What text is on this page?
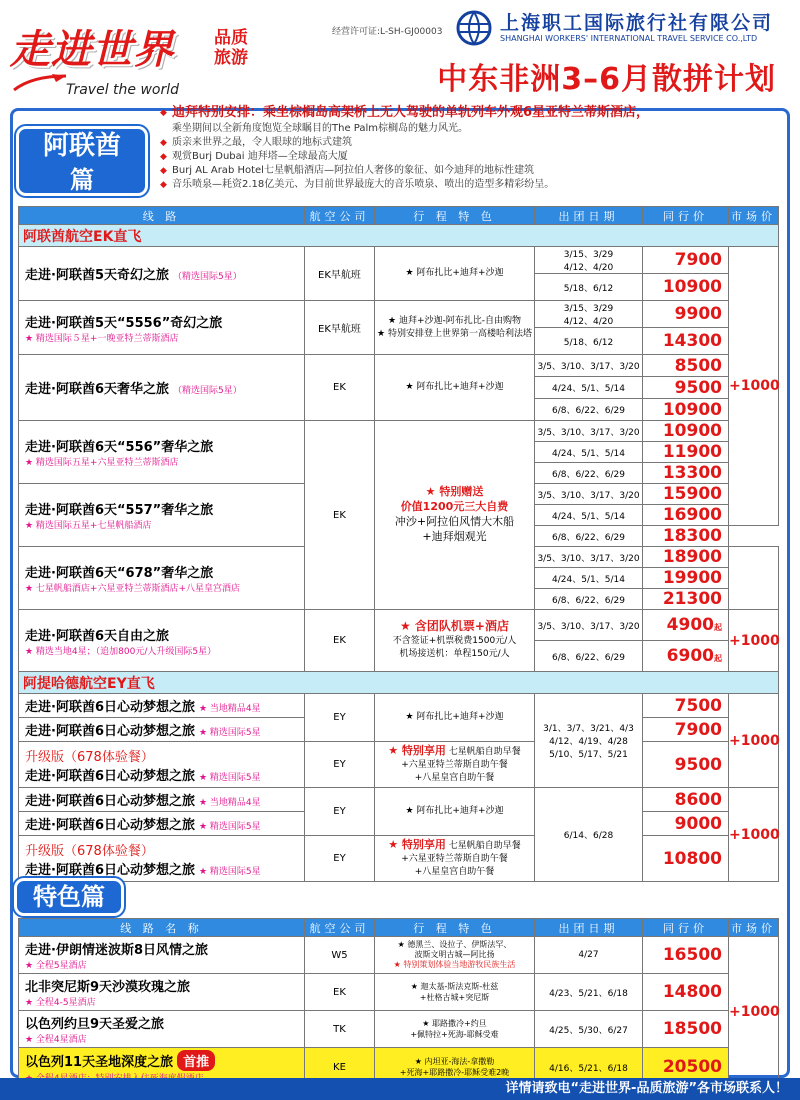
走进世界 品质旅游
Travel the world
经营许可证:L-SH-GJ00003	上海职工国际旅行社有限公司
SHANGHAI WORKERS' INTERNATIONAL TRAVEL SERVICE CO.,LTD
中东非洲3–6月散拼计划
◆ 迪拜特别安排：乘坐棕榈岛高架桥上无人驾驶的单轨列车外观6星亚特兰蒂斯酒店，
乘坐期间以全新角度饱览全球瞩目的The Palm棕榈岛的魅力风光。
◆ 质亲来世界之最，令人眼球的地标式建筑
◆ 观赏Burj Dubai 迪拜塔—全球最高大厦
◆ Burj AL Arab Hotel七星帆船酒店—阿拉伯人奢侈的象征、如今迪拜的地标性建筑
◆ 音乐喷泉—耗资2.18亿美元、为目前世界最庞大的音乐喷泉、喷出的造型多精彩纷呈。
阿联酋
篇
线 路	航空公司	行 程 特 色	出团日期	同行价	市场价
阿联酋航空EK直飞					
走进·阿联酋5天奇幻之旅 （精选国际5星）	EK早航班	★ 阿布扎比+迪拜+沙迦	3/15、3/29
4/12、4/20	7900	+1000
			5/18、6/12	10900	

走进·阿联酋5天“5556”奇幻之旅
★ 精选国际５星+一晚亚特兰蒂斯酒店	EK早航班	★ 迪拜+沙迦-阿布扎比-自由购物
★ 特别安排登上世界第一高楼哈利法塔	3/15、3/29
4/12、4/20	9900	
			5/18、6/12	14300	
走进·阿联酋6天奢华之旅 （精选国际5星）	EK	★ 阿布扎比+迪拜+沙迦	3/5、3/10、3/17、3/20	8500	
			4/24、5/1、5/14	9500	
			6/8、6/22、6/29	10900	

走进·阿联酋6天“556”奢华之旅
★ 精选国际五星+六星亚特兰蒂斯酒店	EK	★ 特别赠送
价值1200元三大自费
冲沙+阿拉伯风情大木船
+迪拜烟观光	3/5、3/10、3/17、3/20	10900	
			4/24、5/1、5/14	11900	
			6/8、6/22、6/29	13300	

走进·阿联酋6天“557”奢华之旅
★ 精选国际五星+七星帆船酒店			3/5、3/10、3/17、3/20	15900
			4/24、5/1、5/14	16900	
			6/8、6/22、6/29	18300	

走进·阿联酋6天“678”奢华之旅
★ 七星帆船酒店+六星亚特兰蒂斯酒店+八星皇宫酒店			3/5、3/10、3/17、3/20	18900	
			4/24、5/1、5/14	19900	
			6/8、6/22、6/29	21300	

走进·阿联酋6天自由之旅
★ 精选当地4星；（追加800元/人升级国际5星）	EK	★ 含团队机票+酒店
不含签证+机票税费1500元/人
机场接送机：单程150元/人	3/5、3/10、3/17、3/20	4900起	+1000
			6/8、6/22、6/29	6900起	
阿提哈德航空EY直飞					
走进·阿联酋6日心动梦想之旅 ★ 当地精品4星	EY	★ 阿布扎比+迪拜+沙迦	3/1、3/7、3/21、4/3
4/12、4/19、4/28
5/10、5/17、5/21	7500	+1000
走进·阿联酋6日心动梦想之旅 ★ 精选国际5星				7900	

升级版（678体验餐）
走进·阿联酋6日心动梦想之旅 ★ 精选国际5星	EY	★ 特别享用 七星帆船自助早餐
+六星亚特兰蒂斯自助午餐
+八星皇宫自助午餐		9500	
走进·阿联酋6日心动梦想之旅 ★ 当地精品4星	EY	★ 阿布扎比+迪拜+沙迦	6/14、6/28	8600	+1000
走进·阿联酋6日心动梦想之旅 ★ 精选国际5星				9000	

升级版（678体验餐）
走进·阿联酋6日心动梦想之旅 ★ 精选国际5星	EY	★ 特别享用 七星帆船自助早餐
+六星亚特兰蒂斯自助午餐
+八星皇宫自助午餐		10800	
特色篇
线 路 名 称	航空公司	行 程 特 色	出团日期	同行价	市场价

走进·伊朗情迷波斯8日风情之旅
★ 全程5星酒店	W5	★ 德黑兰、设拉子、伊斯法罕、
波斯文明古城—阿比扬
★ 特别策划体验当地游牧民族生活	4/27	16500	+1000

北非突尼斯9天沙漠玫瑰之旅
★ 全程4-5星酒店	EK	★ 迦太基-斯法克斯-杜兹
+杜格古城+突尼斯	4/23、5/21、6/18	14800	

以色列约旦9天圣爱之旅
★ 全程4星酒店	TK	★ 耶路撒冷+约旦
+佩特拉+死海-耶稣受难	4/25、5/30、6/27	18500	
以色列11天圣地深度之旅 首推	KE	★ 内坦亚-海法-拿撒勒
+死海+耶路撒冷-耶稣受难2晚	4/16、5/21、6/18	20500	
详情请致电“走进世界-品质旅游”各市场联系人！
